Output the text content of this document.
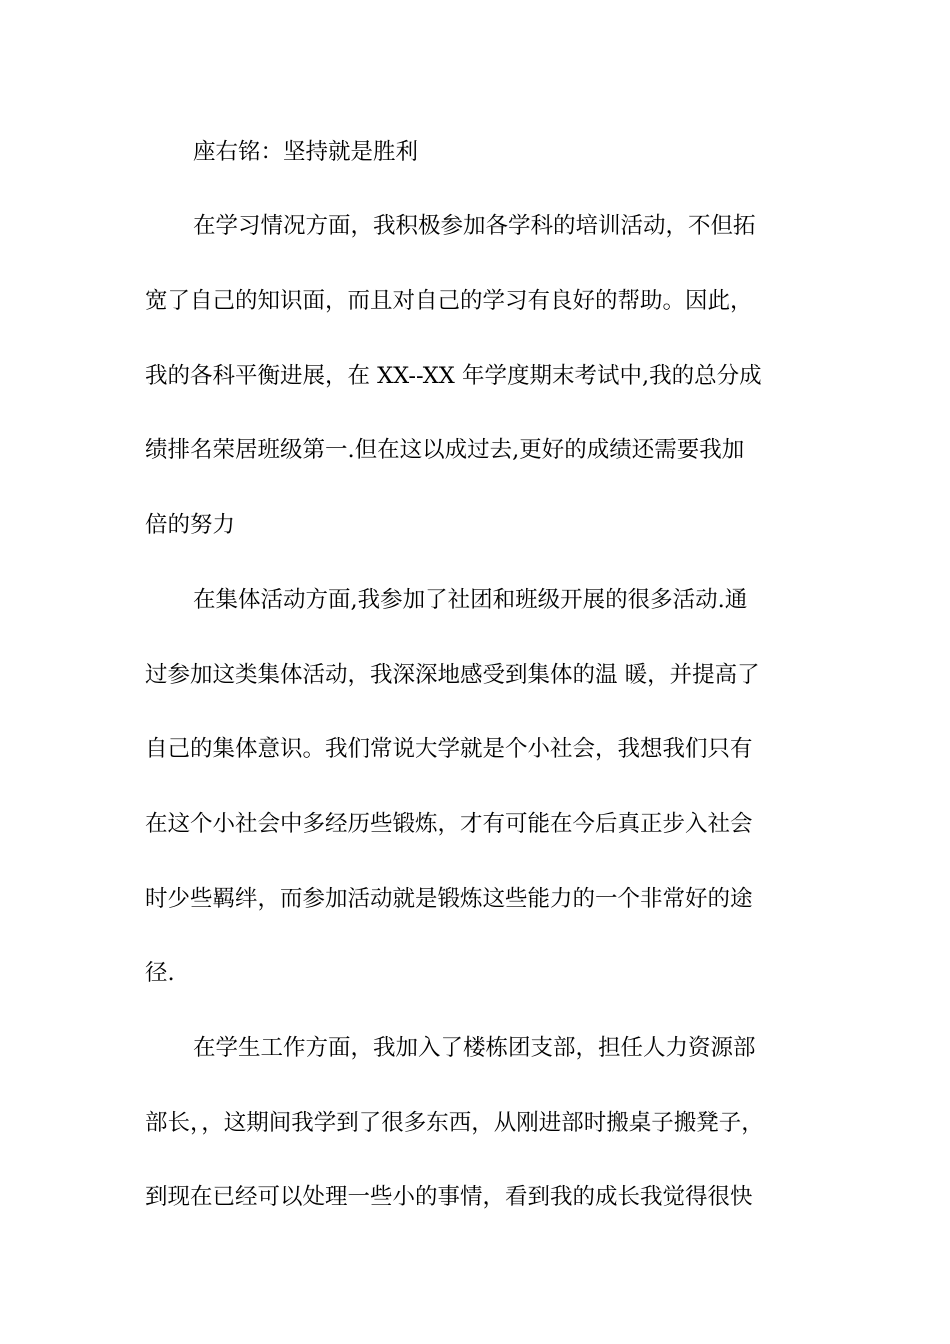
座右铭：坚持就是胜利
在学习情况方面，我积极参加各学科的培训活动，不但拓
宽了自己的知识面，而且对自己的学习有良好的帮助。因此，
我的各科平衡进展，在 XX--XX 年学度期末考试中,我的总分成
绩排名荣居班级第一.但在这以成过去,更好的成绩还需要我加
倍的努力
在集体活动方面,我参加了社团和班级开展的很多活动.通
过参加这类集体活动，我深深地感受到集体的温 暖，并提高了
自己的集体意识。我们常说大学就是个小社会，我想我们只有
在这个小社会中多经历些锻炼，才有可能在今后真正步入社会
时少些羁绊，而参加活动就是锻炼这些能力的一个非常好的途
径.
在学生工作方面，我加入了楼栋团支部，担任人力资源部
部长，，这期间我学到了很多东西，从刚进部时搬桌子搬凳子，
到现在已经可以处理一些小的事情，看到我的成长我觉得很快
